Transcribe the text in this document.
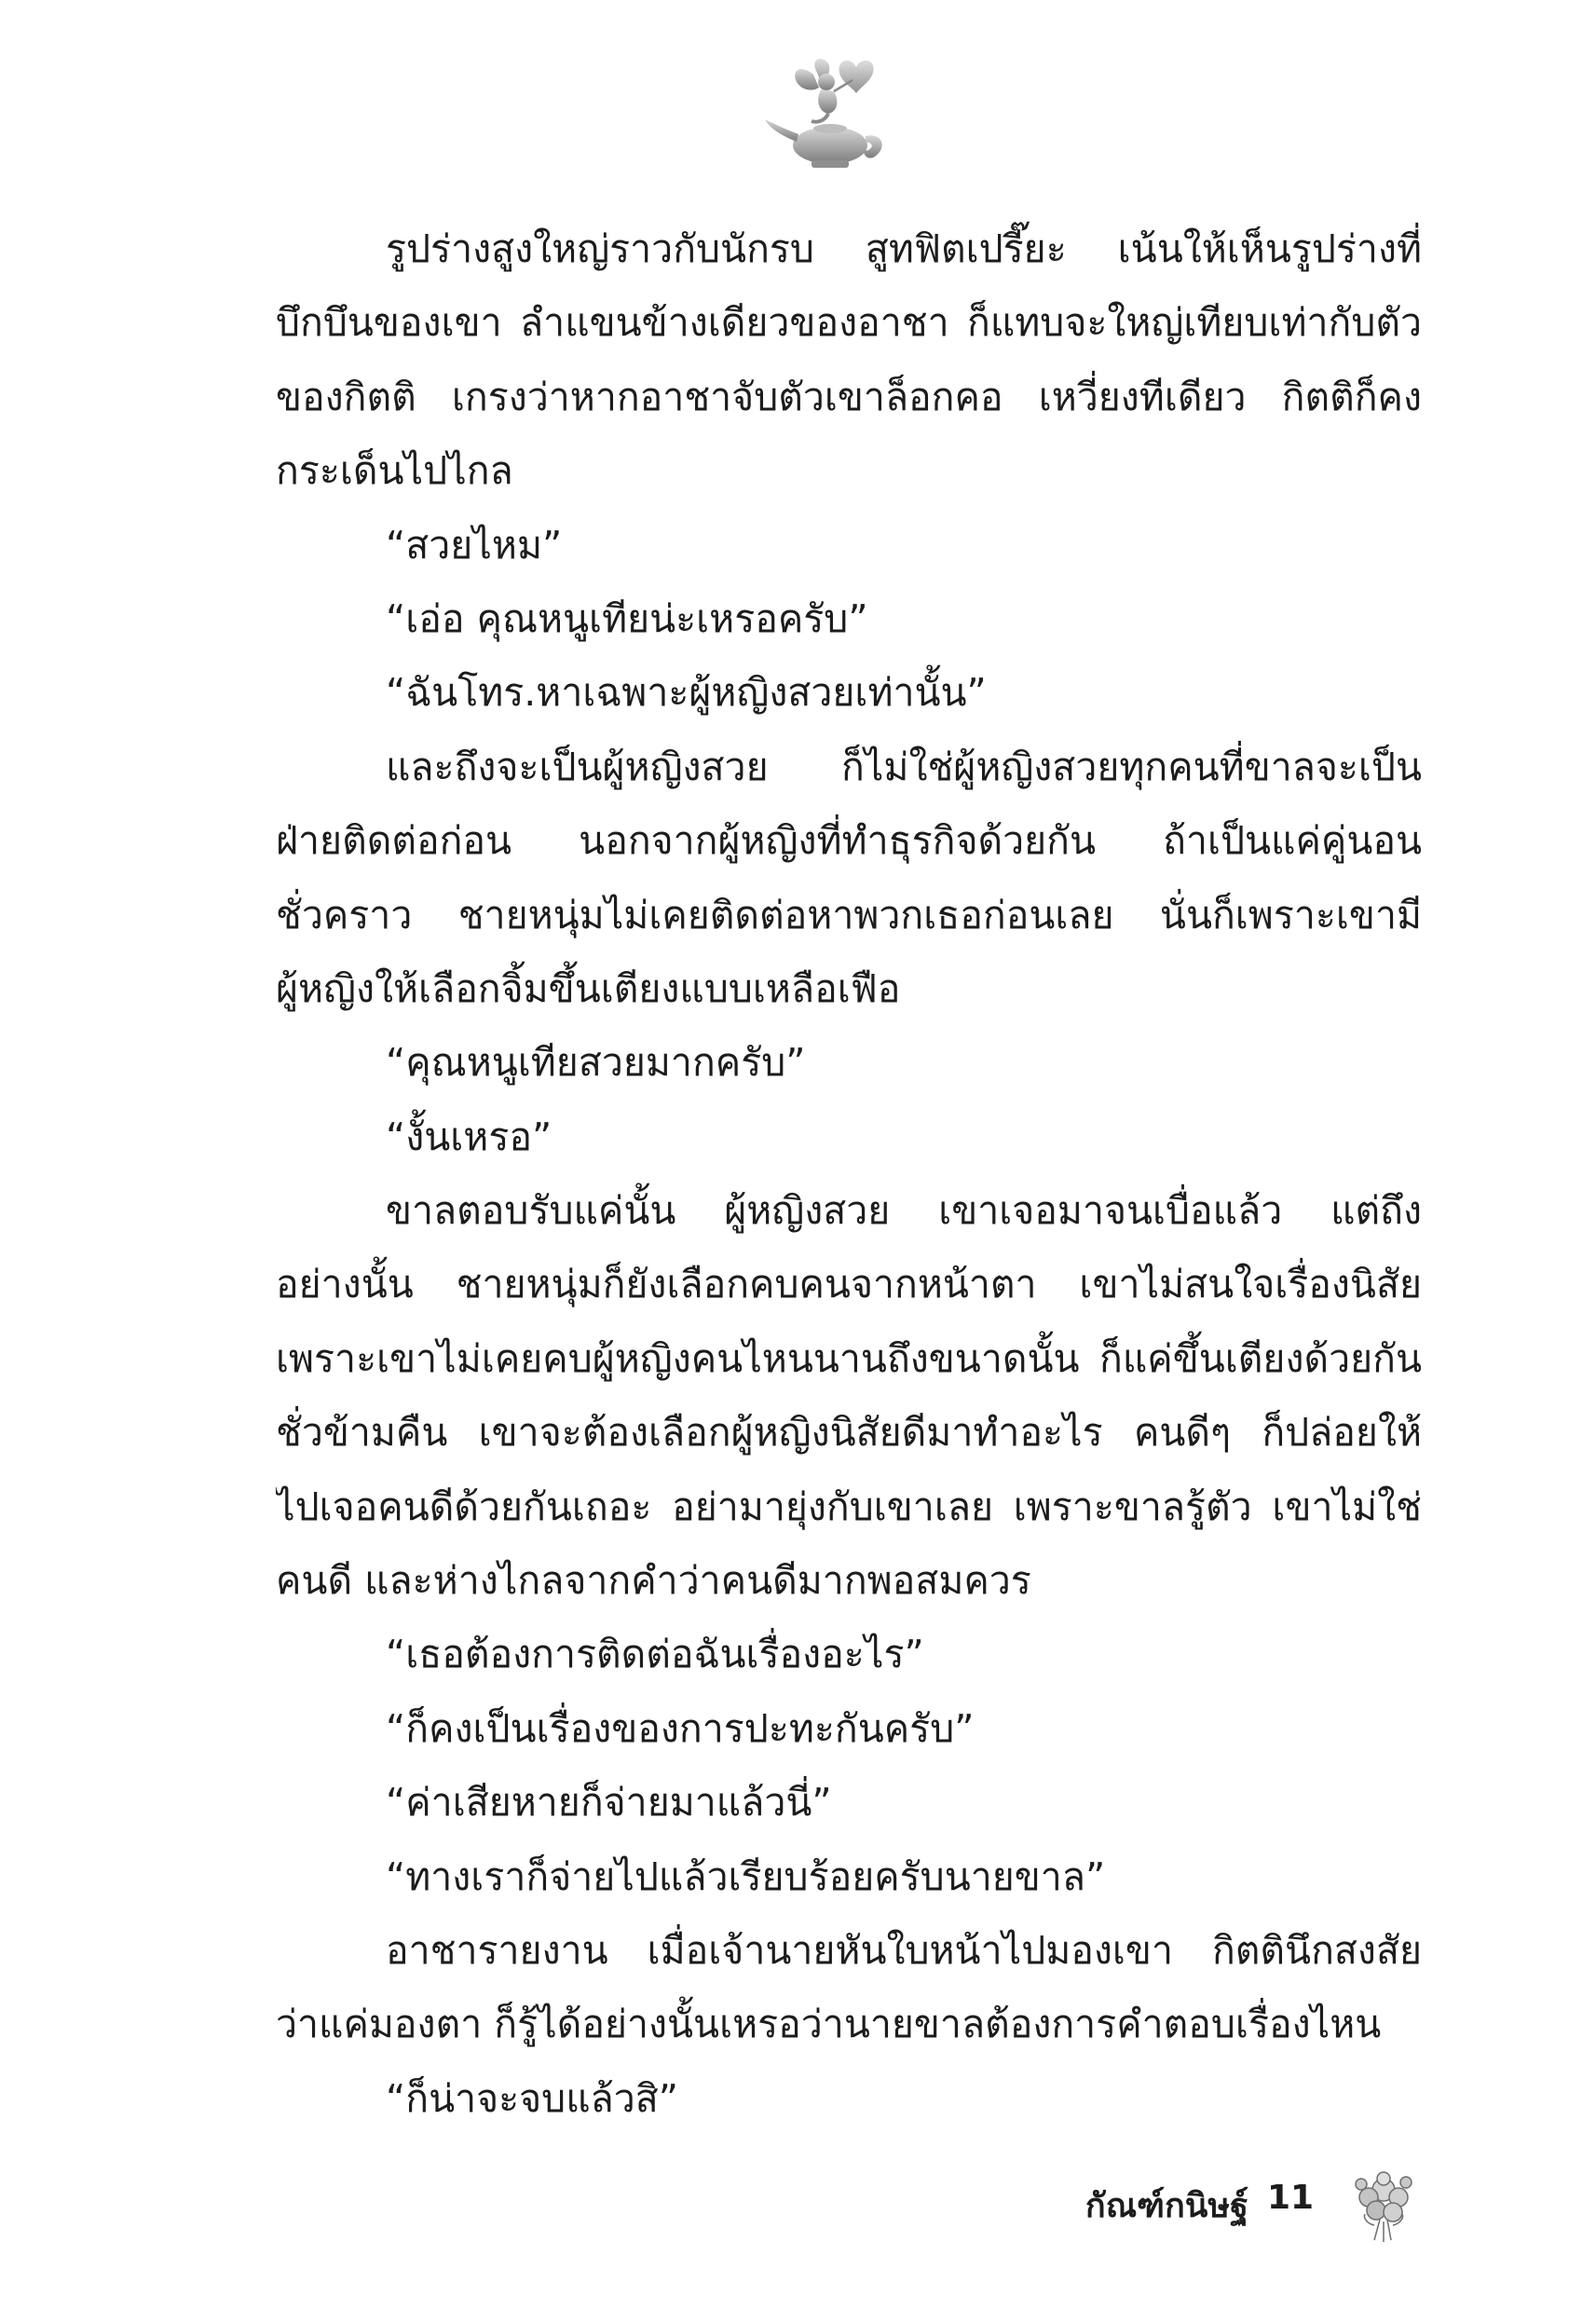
รูปร่างสูงใหญ่ราวกับนักรบ สูทฟิตเปรี๊ยะ เน้นให้เห็นรูปร่างที่
บึกบึนของเขา ลำแขนข้างเดียวของอาชา ก็แทบจะใหญ่เทียบเท่ากับตัว
ของกิตติ เกรงว่าหากอาชาจับตัวเขาล็อกคอ เหวี่ยงทีเดียว กิตติก็คง
กระเด็นไปไกล
“สวยไหม”
“เอ่อ คุณหนูเทียน่ะเหรอครับ”
“ฉันโทร.หาเฉพาะผู้หญิงสวยเท่านั้น”
และถึงจะเป็นผู้หญิงสวย ก็ไม่ใช่ผู้หญิงสวยทุกคนที่ขาลจะเป็น
ฝ่ายติดต่อก่อน นอกจากผู้หญิงที่ทำธุรกิจด้วยกัน ถ้าเป็นแค่คู่นอน
ชั่วคราว ชายหนุ่มไม่เคยติดต่อหาพวกเธอก่อนเลย นั่นก็เพราะเขามี
ผู้หญิงให้เลือกจิ้มขึ้นเตียงแบบเหลือเฟือ
“คุณหนูเทียสวยมากครับ”
“งั้นเหรอ”
ขาลตอบรับแค่นั้น ผู้หญิงสวย เขาเจอมาจนเบื่อแล้ว แต่ถึง
อย่างนั้น ชายหนุ่มก็ยังเลือกคบคนจากหน้าตา เขาไม่สนใจเรื่องนิสัย
เพราะเขาไม่เคยคบผู้หญิงคนไหนนานถึงขนาดนั้น ก็แค่ขึ้นเตียงด้วยกัน
ชั่วข้ามคืน เขาจะต้องเลือกผู้หญิงนิสัยดีมาทำอะไร คนดีๆ ก็ปล่อยให้
ไปเจอคนดีด้วยกันเถอะ อย่ามายุ่งกับเขาเลย เพราะขาลรู้ตัว เขาไม่ใช่
คนดี และห่างไกลจากคำว่าคนดีมากพอสมควร
“เธอต้องการติดต่อฉันเรื่องอะไร”
“ก็คงเป็นเรื่องของการปะทะกันครับ”
“ค่าเสียหายก็จ่ายมาแล้วนี่”
“ทางเราก็จ่ายไปแล้วเรียบร้อยครับนายขาล”
อาชารายงาน เมื่อเจ้านายหันใบหน้าไปมองเขา กิตตินึกสงสัย
ว่าแค่มองตา ก็รู้ได้อย่างนั้นเหรอว่านายขาลต้องการคำตอบเรื่องไหน
“ก็น่าจะจบแล้วสิ”
กัณฑ์กนิษฐ์ 11
